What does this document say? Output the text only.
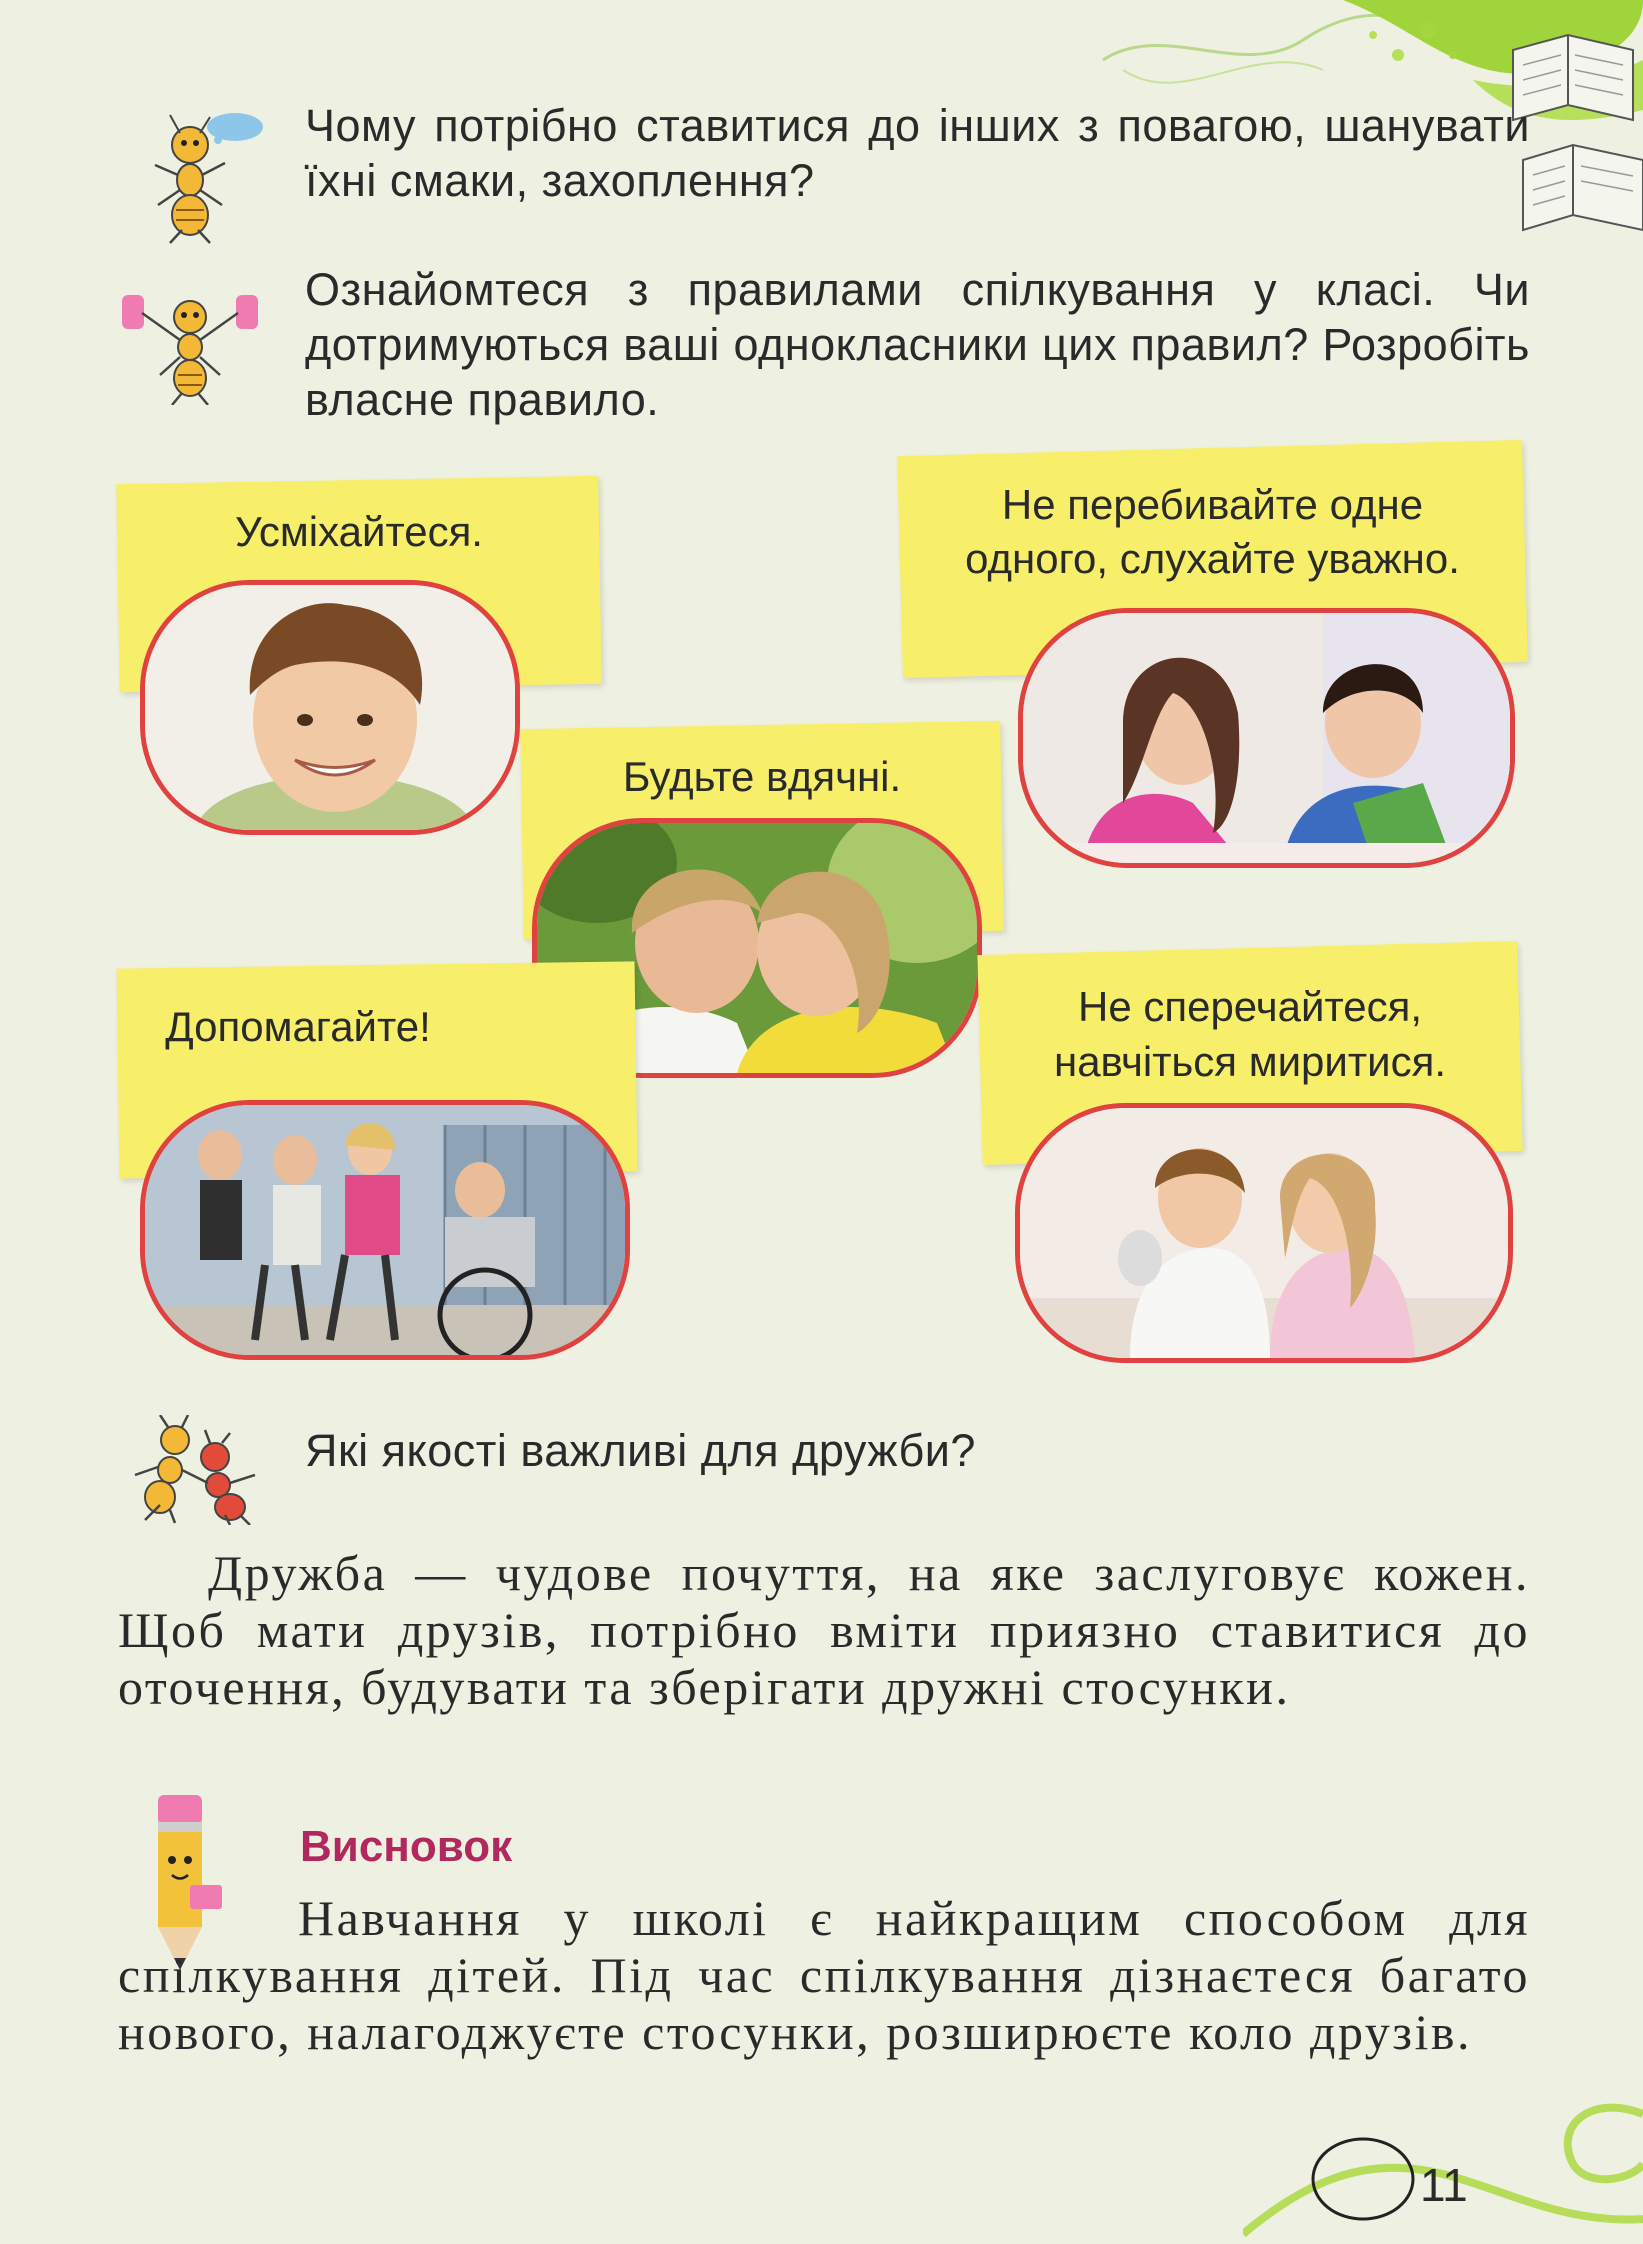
Чому потрібно ставитися до інших з повагою, шанувати їхні смаки, захоплення?
Ознайомтеся з правилами спілкування у класі. Чи дотримуються ваші однокласники цих правил? Розробіть власне правило.
Усміхайтеся.
Не перебивайте одне
одного, слухайте уважно.
Будьте вдячні.
Допомагайте!	Не сперечайтеся,
навчіться миритися.
Які якості важливі для дружби?
Дружба — чудове почуття, на яке заслуговує кожен. Щоб мати друзів, потрібно вміти приязно ставитися до оточення, будувати та зберігати дружні стосунки.
Висновок
Навчання у школі є найкращим способом для спілкування дітей. Під час спілкування дізнаєтеся багато нового, налагоджуєте стосунки, розширюєте коло друзів.
11
